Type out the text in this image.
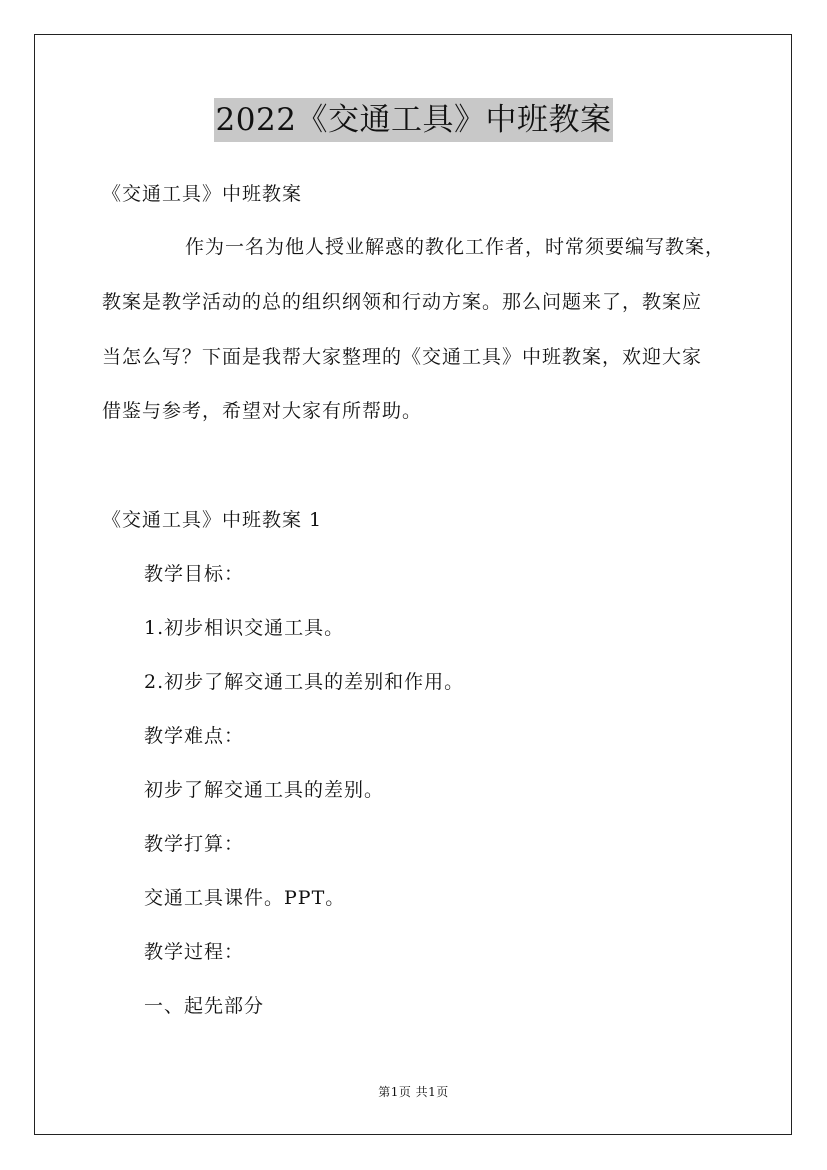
2022《交通工具》中班教案
《交通工具》中班教案
作为一名为他人授业解惑的教化工作者，时常须要编写教案，
教案是教学活动的总的组织纲领和行动方案。那么问题来了，教案应
当怎么写？下面是我帮大家整理的《交通工具》中班教案，欢迎大家
借鉴与参考，希望对大家有所帮助。
《交通工具》中班教案 1
教学目标：
1.初步相识交通工具。
2.初步了解交通工具的差别和作用。
教学难点：
初步了解交通工具的差别。
教学打算：
交通工具课件。PPT。
教学过程：
一、起先部分
第1页 共1页
